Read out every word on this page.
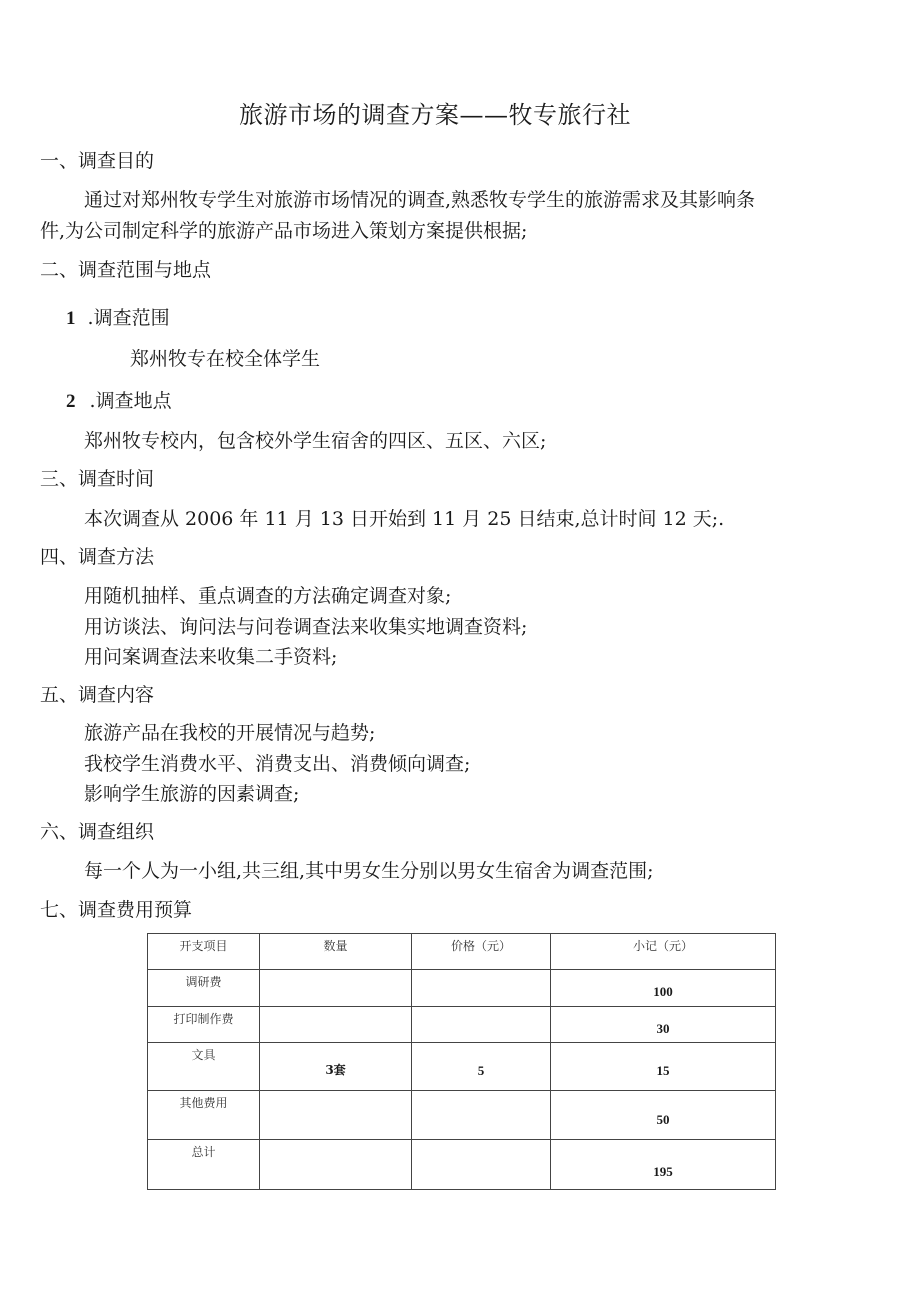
旅游市场的调查方案——牧专旅行社
一、调查目的
通过对郑州牧专学生对旅游市场情况的调查,熟悉牧专学生的旅游需求及其影响条
件,为公司制定科学的旅游产品市场进入策划方案提供根据;
二、调查范围与地点
1 .调查范围
郑州牧专在校全体学生
2 .调查地点
郑州牧专校内，包含校外学生宿舍的四区、五区、六区;
三、调查时间
本次调查从 2006 年 11 月 13 日开始到 11 月 25 日结束,总计时间 12 天;.
四、调查方法
用随机抽样、重点调查的方法确定调查对象;
用访谈法、询问法与问卷调查法来收集实地调查资料;
用问案调查法来收集二手资料;
五、调查内容
旅游产品在我校的开展情况与趋势;
我校学生消费水平、消费支出、消费倾向调查;
影响学生旅游的因素调查;
六、调查组织
每一个人为一小组,共三组,其中男女生分别以男女生宿舍为调查范围;
七、调查费用预算
开支项目	数量	价格（元）	小记（元）
调研费			100
打印制作费			30
文具	3套	5	15
其他费用			50
总计			195
